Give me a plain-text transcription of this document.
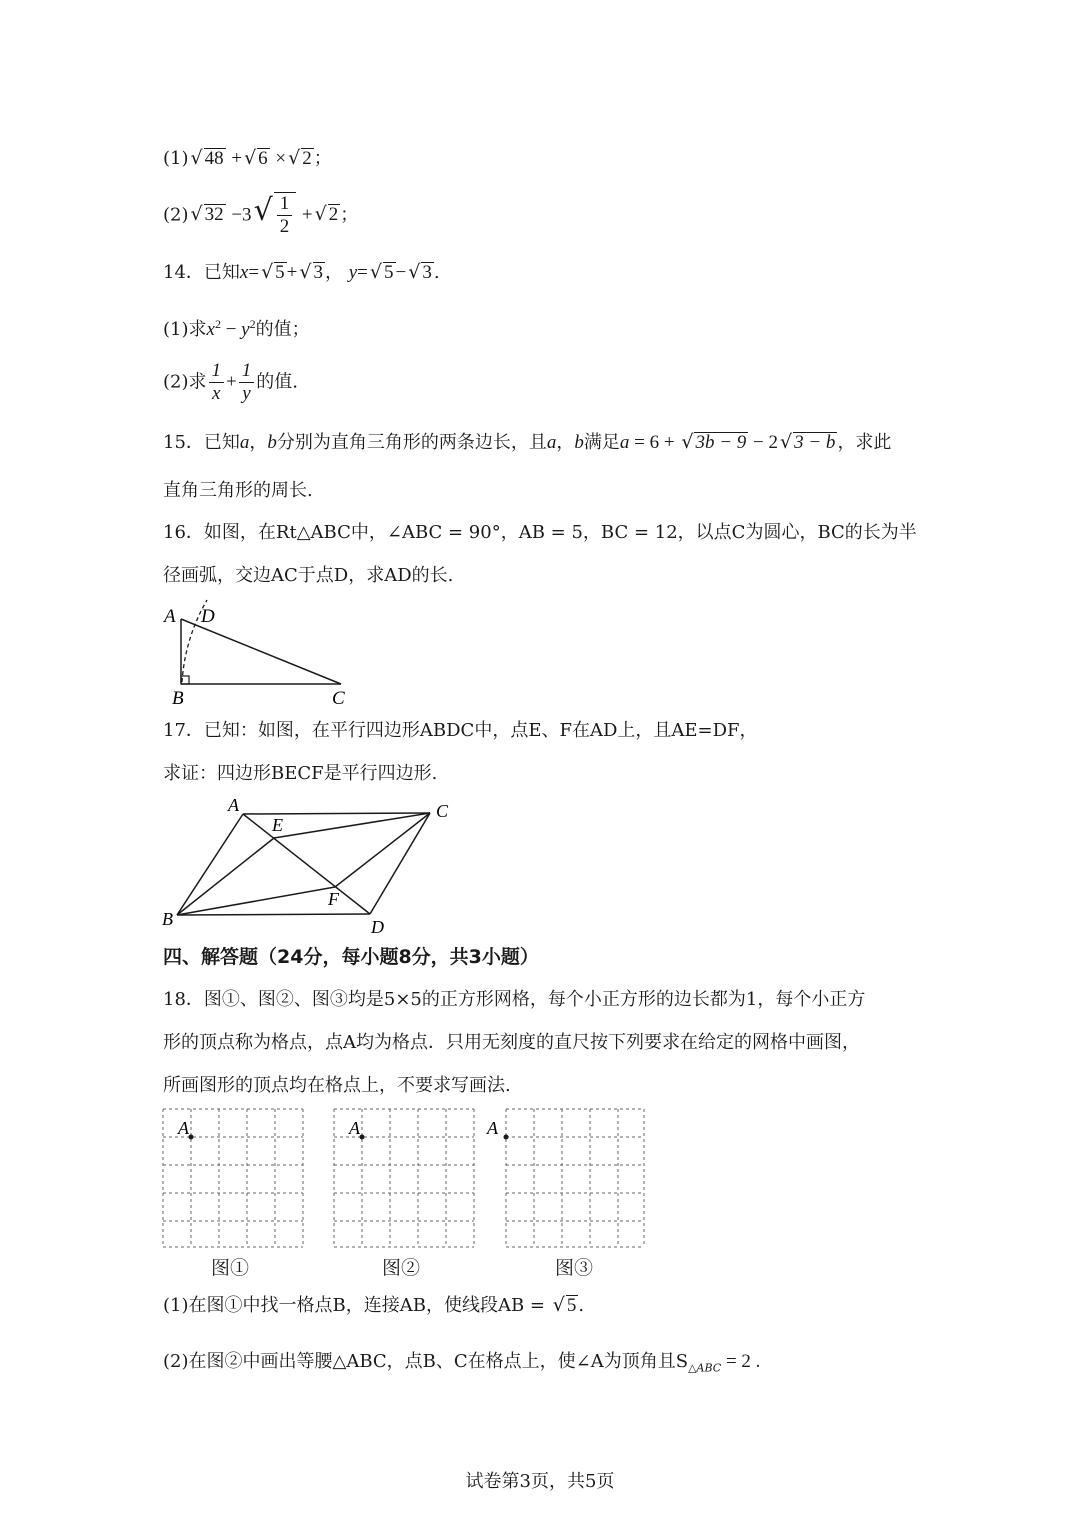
(1) √ 48 + √ 6 × √ 2 ；
(2) √ $32 -3√ \frac{1}{2}$ + √ 2 ；
14．已知x= √ 5 + √ 3 ， y= √ 5 − √ 3 .
(1)求$x^2 - y^2$的值；
(2)求 $\frac{1}{x} + \frac{1}{y}$ 的值.
15．已知a，b分别为直角三角形的两条边长，且a，b满足a = 6 + √ 3b − 9 − 2 √ 3 − b ，求此
直角三角形的周长.
16．如图，在Rt△ABC中，∠ABC = 90°，AB = 5，BC = 12，以点C为圆心，BC的长为半
径画弧，交边AC于点D，求AD的长.
A D
B	C
17．已知：如图，在平行四边形ABDC中，点E、F在AD上，且AE=DF，
求证：四边形BECF是平行四边形.
A
E
C
F
B	D
四、解答题（24分，每小题8分，共3小题）
18．图①、图②、图③均是5×5的正方形网格，每个小正方形的边长都为1，每个小正方
形的顶点称为格点，点A均为格点．只用无刻度的直尺按下列要求在给定的网格中画图，
所画图形的顶点均在格点上，不要求写画法.
A	A	A
图①	图②	图③
(1)在图①中找一格点B，连接AB，使线段AB = √ 5 .
(2)在图②中画出等腰△ABC，点B、C在格点上，使∠A为顶角且$S_{\triangle ABC} = 2$ .
试卷第3页，共5页
